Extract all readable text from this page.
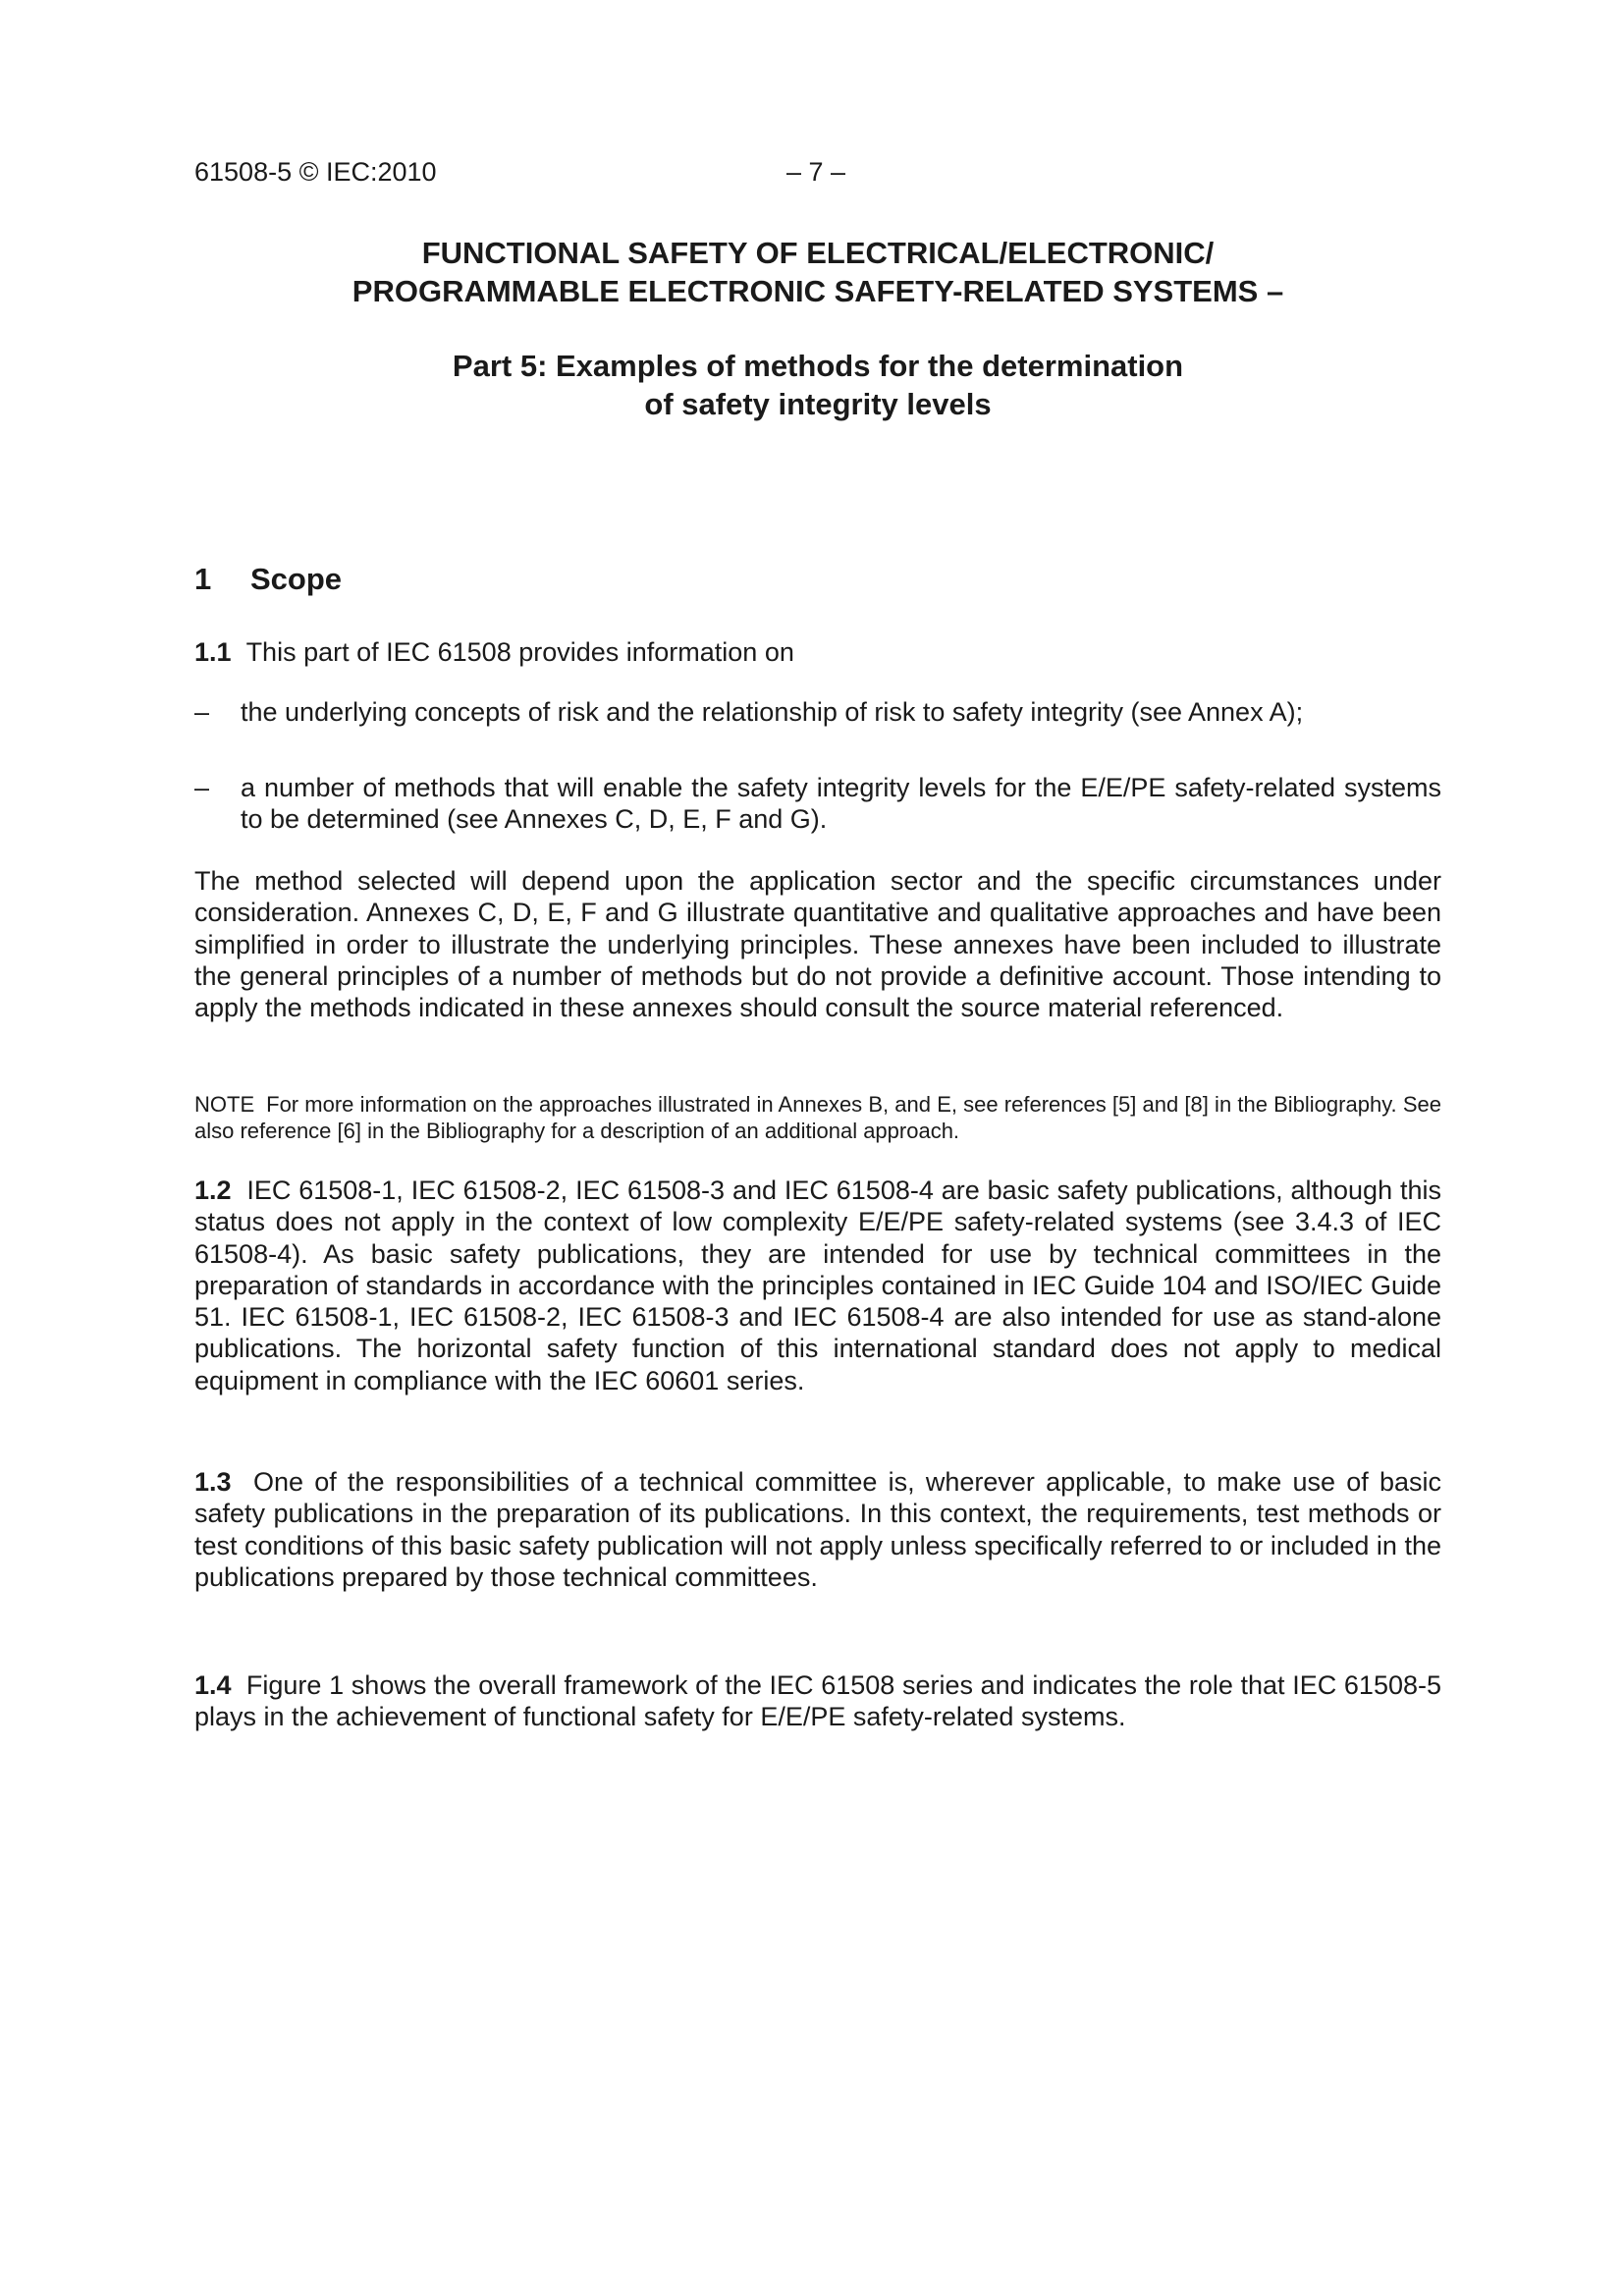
61508-5 © IEC:2010	– 7 –
FUNCTIONAL SAFETY OF ELECTRICAL/ELECTRONIC/
PROGRAMMABLE ELECTRONIC SAFETY-RELATED SYSTEMS –
Part 5: Examples of methods for the determination
of safety integrity levels
1 Scope

1.1 This part of IEC 61508 provides information on

– the underlying concepts of risk and the relationship of risk to safety integrity (see Annex A);
– a number of methods that will enable the safety integrity levels for the E/E/PE safety-related systems to be determined (see Annexes C, D, E, F and G).

The method selected will depend upon the application sector and the specific circumstances under consideration. Annexes C, D, E, F and G illustrate quantitative and qualitative approaches and have been simplified in order to illustrate the underlying principles. These annexes have been included to illustrate the general principles of a number of methods but do not provide a definitive account. Those intending to apply the methods indicated in these annexes should consult the source material referenced.

NOTE For more information on the approaches illustrated in Annexes B, and E, see references [5] and [8] in the Bibliography. See also reference [6] in the Bibliography for a description of an additional approach.

1.2 IEC 61508-1, IEC 61508-2, IEC 61508-3 and IEC 61508-4 are basic safety publications, although this status does not apply in the context of low complexity E/E/PE safety-related systems (see 3.4.3 of IEC 61508-4). As basic safety publications, they are intended for use by technical committees in the preparation of standards in accordance with the principles contained in IEC Guide 104 and ISO/IEC Guide 51. IEC 61508-1, IEC 61508-2, IEC 61508-3 and IEC 61508-4 are also intended for use as stand-alone publications. The horizontal safety function of this international standard does not apply to medical equipment in compliance with the IEC 60601 series.

1.3 One of the responsibilities of a technical committee is, wherever applicable, to make use of basic safety publications in the preparation of its publications. In this context, the requirements, test methods or test conditions of this basic safety publication will not apply unless specifically referred to or included in the publications prepared by those technical committees.

1.4 Figure 1 shows the overall framework of the IEC 61508 series and indicates the role that IEC 61508-5 plays in the achievement of functional safety for E/E/PE safety-related systems.
